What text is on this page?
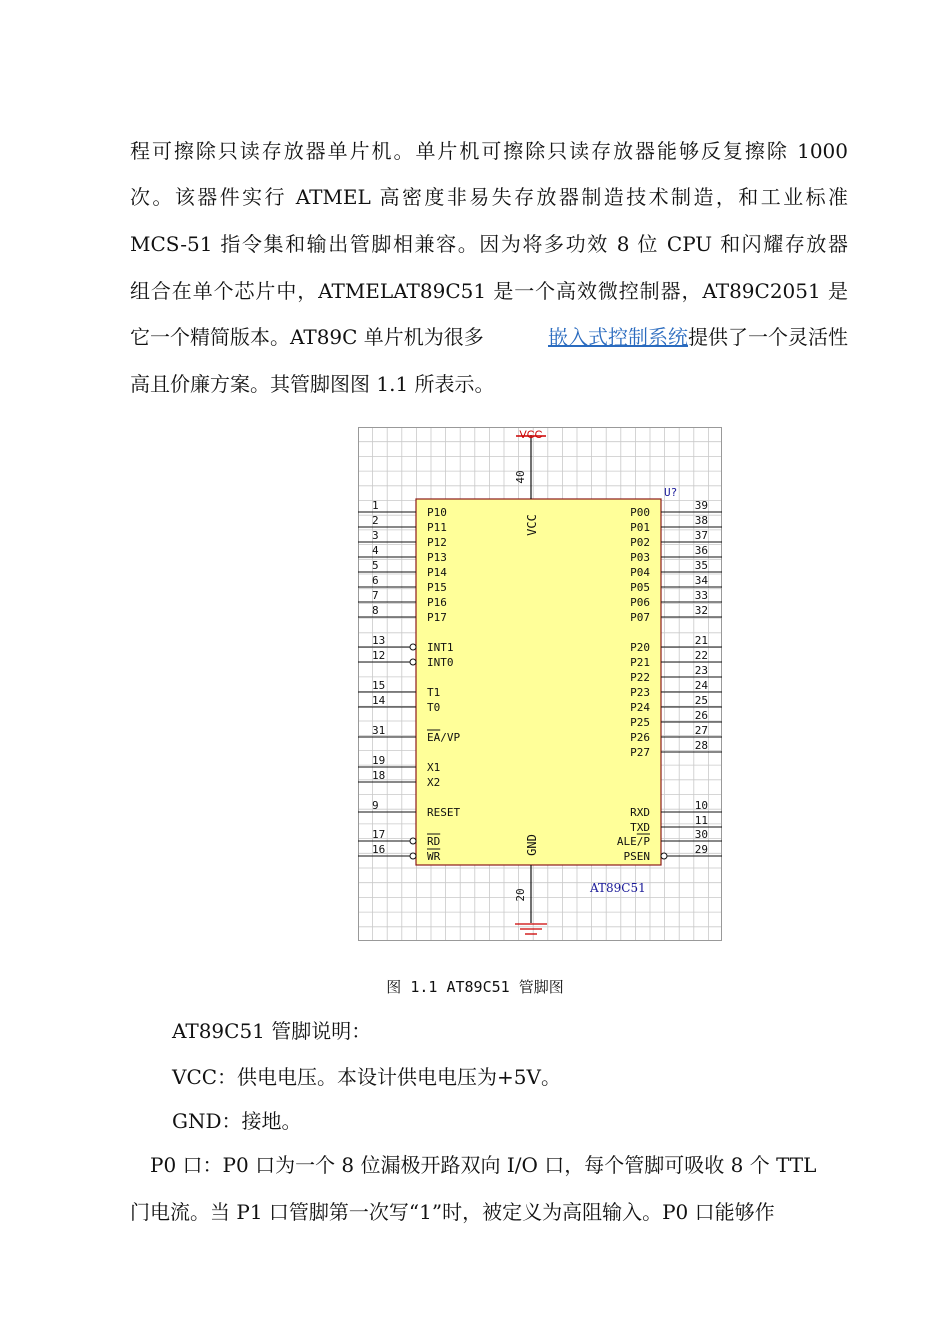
程可擦除只读存放器单片机。单片机可擦除只读存放器能够反复擦除 1000
次。该器件实行 ATMEL 高密度非易失存放器制造技术制造，和工业标准
MCS-51 指令集和输出管脚相兼容。因为将多功效 8 位 CPU 和闪耀存放器
组合在单个芯片中，ATMELAT89C51 是一个高效微控制器，AT89C2051 是
它一个精简版本。AT89C 单片机为很多	嵌入式控制系统 提供了一个灵活性
高且价廉方案。其管脚图图 1.1 所表示。
VCC
40
VCC
U?
20
GND
AT89C51
1
P10
2
P11
3
P12
4
P13
5
P14
6
P15
7
P16
8
P17
13
INT1
12
INT0
15
T1
14
T0
31
EA/VP
19
X1
18
X2
9
RESET
17
RD
16
WR
39
P00
38
P01
37
P02
36
P03
35
P04
34
P05
33
P06
32
P07
21
P20
22
P21
23
P22
24
P23
25
P24
26
P25
27
P26
28
P27
10
RXD
11
TXD
30
ALE/P
29
PSEN
图 1.1 AT89C51 管脚图
AT89C51 管脚说明：
VCC：供电电压。本设计供电电压为+5V。
GND：接地。
P0 口：P0 口为一个 8 位漏极开路双向 I/O 口，每个管脚可吸收 8 个 TTL
门电流。当 P1 口管脚第一次写“1”时，被定义为高阻输入。P0 口能够作
